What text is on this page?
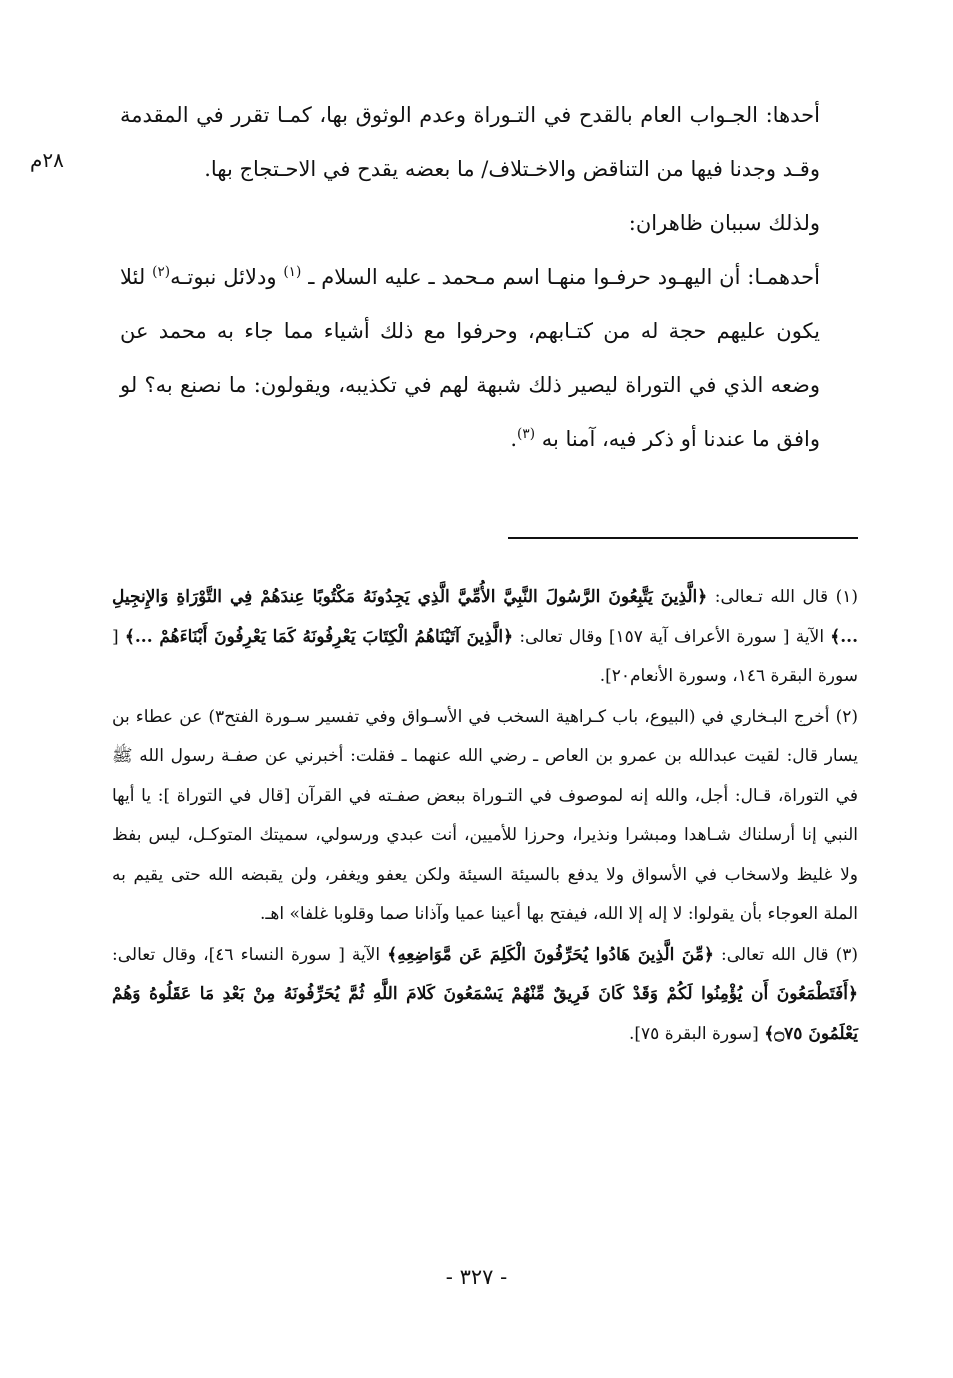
٢٨م

أحدها: الجـواب العام بالقدح في التـوراة وعدم الوثوق بها، كمـا تقرر في المقدمة وقـد وجدنا فيها من التناقض والاخـتلاف/ ما بعضه يقدح في الاحـتجاج بها.

ولذلك سببان ظاهران:

أحدهمـا: أن اليهـود حرفـوا منهـا اسم مـحمد ـ عليه السلام ـ $^{(١)}$ ودلائل نبوتـه$^{(٢)}$ لئلا يكون عليهم حجة له من كتـابهم، وحرفوا مع ذلك أشياء مما جاء به محمد عن وضعه الذي في التوراة ليصير ذلك شبهة لهم في تكذيبه، ويقولون: ما نصنع به؟ لو وافق ما عندنا أو ذكر فيه، آمنا به $^{(٣)}$.

(١) قال الله تـعالى: ﴿الَّذِينَ يَتَّبِعُونَ الرَّسُولَ النَّبِيَّ الأُمِّيَّ الَّذِي يَجِدُونَهُ مَكْتُوبًا عِندَهُمْ فِي التَّوْرَاةِ وَالإِنجِيلِ ...﴾ الآية [ سورة الأعراف آية ١٥٧] وقال تعالى: ﴿الَّذِينَ آتَيْنَاهُمُ الْكِتَابَ يَعْرِفُونَهُ كَمَا يَعْرِفُونَ أَبْنَاءَهُمْ ...﴾ [ سورة البقرة ١٤٦، وسورة الأنعام٢٠].

(٢) أخرج البـخاري في (البيوع، باب كـراهية السخب في الأسـواق وفي تفسير سـورة الفتح٣) عن عطاء بن يسار قال: لقيت عبدالله بن عمرو بن العاص ـ رضي الله عنهما ـ فقلت: أخبرني عن صفـة رسول الله ﷺ في التوراة، قـال: أجل، والله إنه لموصوف في التـوراة ببعض صفـته في القرآن [قال في التوراة ]: يا أيها النبي إنا أرسلناك شـاهدا ومبشرا ونذيرا، وحرزا للأميين، أنت عبدي ورسولي، سميتك المتوكـل، ليس بفظ ولا غليظ ولاسخاب في الأسواق ولا يدفع بالسيئة السيئة ولكن يعفو ويغفر، ولن يقبضه الله حتى يقيم به الملة العوجاء بأن يقولوا: لا إله إلا الله، فيفتح بها أعينا عميا وآذانا صما وقلوبا غلفا» اهـ.

(٣) قال الله تعالى: ﴿مِّنَ الَّذِينَ هَادُوا يُحَرِّفُونَ الْكَلِمَ عَن مَّوَاضِعِهِ﴾ الآية [ سورة النساء ٤٦]، وقال تعالى: ﴿أَفَتَطْمَعُونَ أَن يُؤْمِنُوا لَكُمْ وَقَدْ كَانَ فَرِيقٌ مِّنْهُمْ يَسْمَعُونَ كَلامَ اللَّهِ ثُمَّ يُحَرِّفُونَهُ مِنْ بَعْدِ مَا عَقَلُوهُ وَهُمْ يَعْلَمُونَ ۝٧٥﴾ [سورة البقرة ٧٥].

- ٣٢٧ -
